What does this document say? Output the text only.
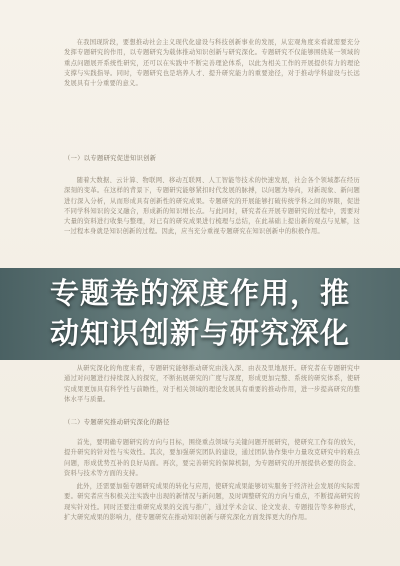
在我国现阶段，要想推动社会主义现代化建设与科技创新事业的发展，从宏观角度来看就需要充分发挥专题研究的作用，以专题研究为载体推动知识创新与研究深化。专题研究不仅能够围绕某一领域的重点问题展开系统性研究，还可以在实践中不断完善理论体系，以此为相关工作的开展提供有力的理论支撑与实践指导。同时，专题研究也是培养人才、提升研究能力的重要途径，对于推动学科建设与长远发展具有十分重要的意义。

（一）以专题研究促进知识创新

随着大数据、云计算、物联网、移动互联网、人工智能等技术的快速发展，社会各个领域都在经历深刻的变革。在这样的背景下，专题研究能够紧扣时代发展的脉搏，以问题为导向，对新现象、新问题进行深入分析，从而形成具有创新性的研究成果。专题研究的开展能够打破传统学科之间的界限，促进不同学科知识的交叉融合，形成新的知识增长点。与此同时，研究者在开展专题研究的过程中，需要对大量的资料进行收集与整理，对已有的研究成果进行梳理与总结，在此基础上提出新的观点与见解，这一过程本身就是知识创新的过程。因此，应当充分重视专题研究在知识创新中的积极作用。

专题卷的深度作用，推

动知识创新与研究深化

从研究深化的角度来看，专题研究能够推动研究由浅入深、由表及里地展开。研究者在专题研究中通过对问题进行持续深入的探究，不断拓展研究的广度与深度，形成更加完整、系统的研究体系，使研究成果更加具有科学性与前瞻性，对于相关领域的理论发展具有重要的推动作用，进一步提高研究的整体水平与质量。

（二）专题研究推动研究深化的路径

首先，要明确专题研究的方向与目标，围绕重点领域与关键问题开展研究，使研究工作有的放矢，提升研究的针对性与实效性。其次，要加强研究团队的建设，通过团队协作集中力量攻克研究中的难点问题，形成优势互补的良好局面。再次，要完善研究的保障机制，为专题研究的开展提供必要的资金、资料与技术等方面的支持。

此外，还需要加强专题研究成果的转化与应用，使研究成果能够切实服务于经济社会发展的实际需要。研究者应当积极关注实践中出现的新情况与新问题，及时调整研究的方向与重点，不断提高研究的现实针对性。同时还要注重研究成果的交流与推广，通过学术会议、论文发表、专题报告等多种形式，扩大研究成果的影响力，使专题研究在推动知识创新与研究深化方面发挥更大的作用。
